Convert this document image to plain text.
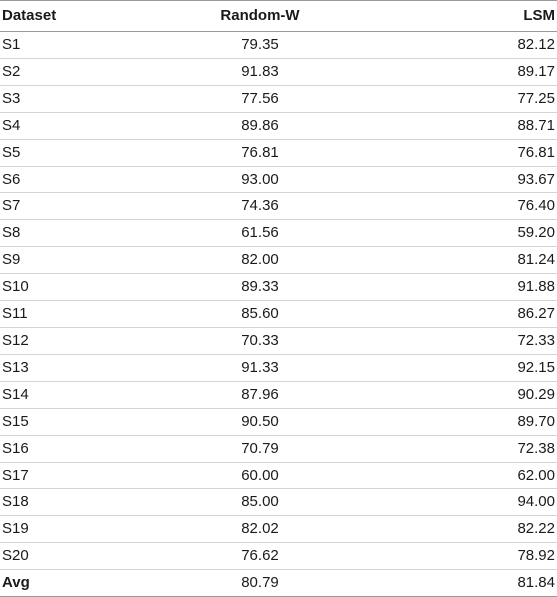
Dataset	Random-W	LSM
S1	79.35	82.12
S2	91.83	89.17
S3	77.56	77.25
S4	89.86	88.71
S5	76.81	76.81
S6	93.00	93.67
S7	74.36	76.40
S8	61.56	59.20
S9	82.00	81.24
S10	89.33	91.88
S11	85.60	86.27
S12	70.33	72.33
S13	91.33	92.15
S14	87.96	90.29
S15	90.50	89.70
S16	70.79	72.38
S17	60.00	62.00
S18	85.00	94.00
S19	82.02	82.22
S20	76.62	78.92
Avg	80.79	81.84
